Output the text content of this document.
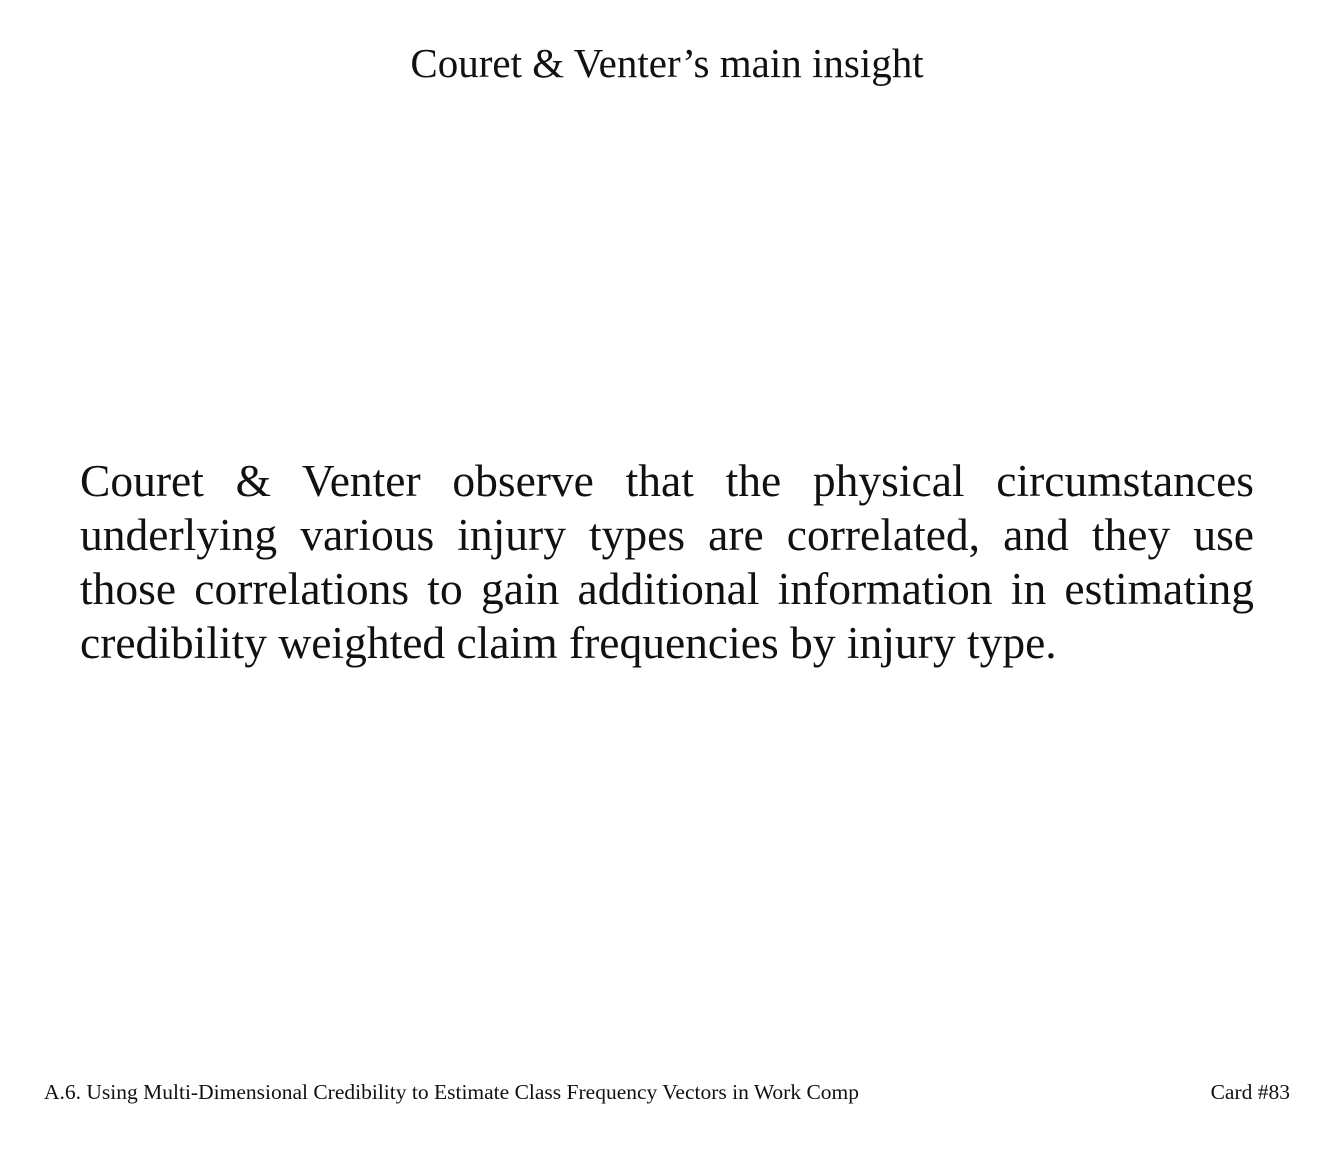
Couret & Venter’s main insight

Couret & Venter observe that the physical circumstances underlying various injury types are correlated, and they use those correlations to gain additional information in estimating credibility weighted claim frequencies by injury type.

A.6. Using Multi-Dimensional Credibility to Estimate Class Frequency Vectors in Work Comp	Card #83
